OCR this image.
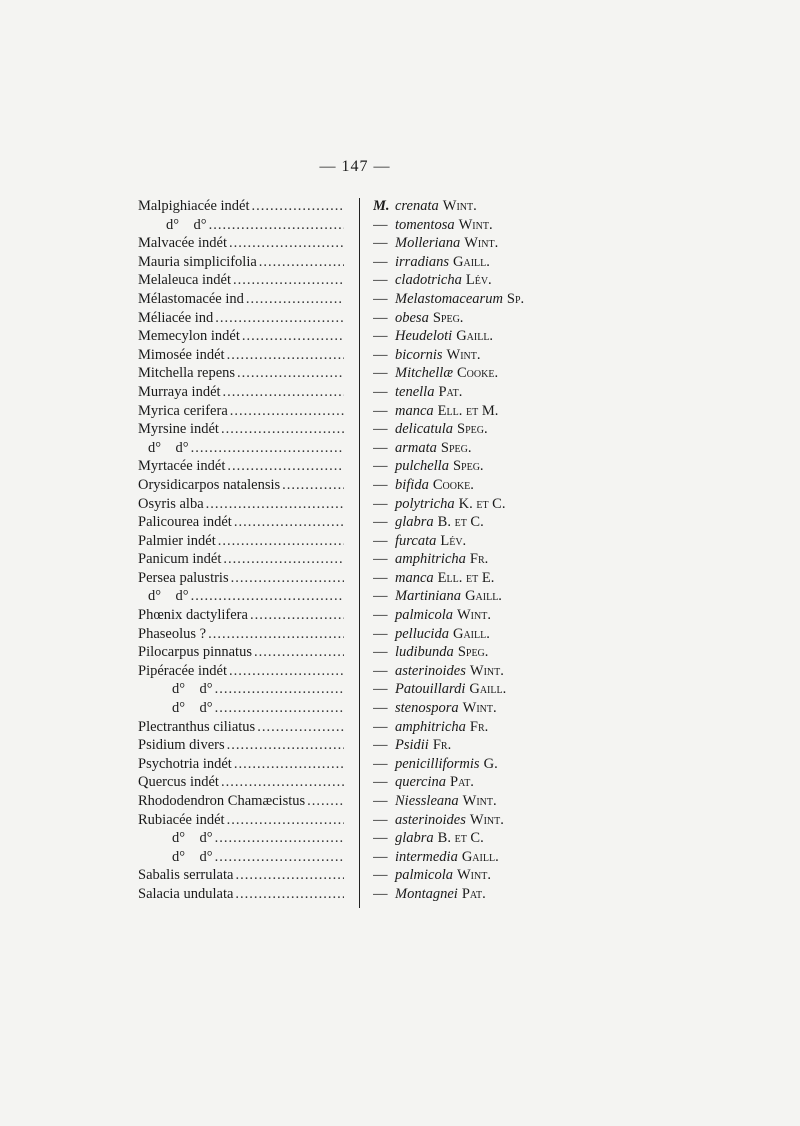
— 147 —
Malpighiacée indét
.....
d°    d°
.....
Malvacée indét
.....
Mauria simplicifolia
.....
Melaleuca indét
.....
Mélastomacée ind
.....
Méliacée ind
.....
Memecylon indét
.....
Mimosée indét
.....
Mitchella repens
.....
Murraya indét
.....
Myrica cerifera
.....
Myrsine indét
.....
d°    d°
.....
Myrtacée indét
.....
Orysidicarpos natalensis
.....
Osyris alba
.....
Palicourea indét
.....
Palmier indét
.....
Panicum indét
.....
Persea palustris
.....
d°    d°
.....
Phœnix dactylifera
.....
Phaseolus ?
.....
Pilocarpus pinnatus
.....
Pipéracée indét
.....
d°    d°
.....
d°    d°
.....
Plectranthus ciliatus
.....
Psidium divers
.....
Psychotria indét
.....
Quercus indét
.....
Rhododendron Chamæcistus
.....
Rubiacée indét
.....
d°    d°
.....
d°    d°
.....
Sabalis serrulata
.....
Salacia undulata
.....
M. crenata Wint.
— tomentosa Wint.
— Molleriana Wint.
— irradians Gaill.
— cladotricha Lév.
— Melastomacearum Sp.
— obesa Speg.
— Heudeloti Gaill.
— bicornis Wint.
— Mitchellæ Cooke.
— tenella Pat.
— manca Ell. et M.
— delicatula Speg.
— armata Speg.
— pulchella Speg.
— bifida Cooke.
— polytricha K. et C.
— glabra B. et C.
— furcata Lév.
— amphitricha Fr.
— manca Ell. et E.
— Martiniana Gaill.
— palmicola Wint.
— pellucida Gaill.
— ludibunda Speg.
— asterinoides Wint.
— Patouillardi Gaill.
— stenospora Wint.
— amphitricha Fr.
— Psidii Fr.
— penicilliformis G.
— quercina Pat.
— Niessleana Wint.
— asterinoides Wint.
— glabra B. et C.
— intermedia Gaill.
— palmicola Wint.
— Montagnei Pat.
